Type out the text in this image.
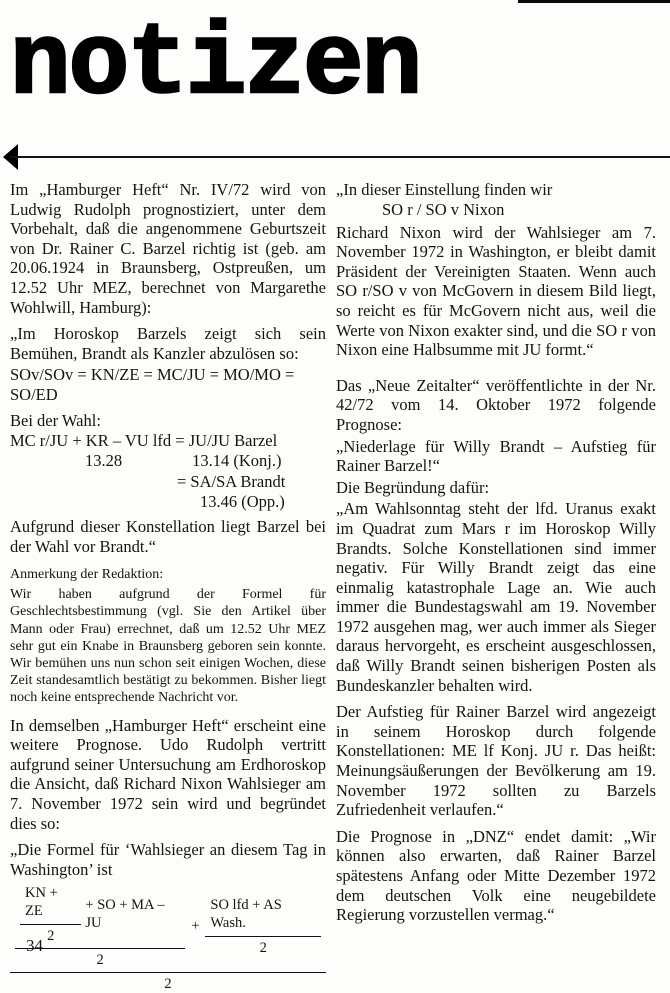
notizen

Im „Hamburger Heft“ Nr. IV/72 wird von Ludwig Rudolph prognostiziert, unter dem Vorbehalt, daß die angenommene Geburtszeit von Dr. Rainer C. Barzel richtig ist (geb. am 20.06.1924 in Braunsberg, Ostpreußen, um 12.52 Uhr MEZ, berechnet von Margarethe Wohlwill, Hamburg):

„Im Horoskop Barzels zeigt sich sein Bemühen, Brandt als Kanzler abzulösen so:

SOv/SOv = KN/ZE = MC/JU = MO/MO = SO/ED

Bei der Wahl:

MC r/JU + KR – VU lfd = JU/JU Barzel
13.28	13.14 (Konj.)
= SA/SA Brandt
13.46 (Opp.)

Aufgrund dieser Konstellation liegt Barzel bei der Wahl vor Brandt.“

Anmerkung der Redaktion:

Wir haben aufgrund der Formel für Geschlechtsbestimmung (vgl. Sie den Artikel über Mann oder Frau) errechnet, daß um 12.52 Uhr MEZ sehr gut ein Knabe in Braunsberg geboren sein konnte. Wir bemühen uns nun schon seit einigen Wochen, diese Zeit standesamtlich bestätigt zu bekommen. Bisher liegt noch keine entsprechende Nachricht vor.

In demselben „Hamburger Heft“ erscheint eine weitere Prognose. Udo Rudolph vertritt aufgrund seiner Untersuchung am Erdhoroskop die Ansicht, daß Richard Nixon Wahlsieger am 7. November 1972 sein wird und begründet dies so:

„Die Formel für ‘Wahlsieger an diesem Tag in Washington’ ist

$\frac{KN + ZE}{2}$ + SO + MA – JU
2
+ $\frac{\text{SO lfd + AS Wash.}}{2}$
2

„In dieser Einstellung finden wir

SO r / SO v Nixon

Richard Nixon wird der Wahlsieger am 7. November 1972 in Washington, er bleibt damit Präsident der Vereinigten Staaten. Wenn auch SO r/SO v von McGovern in diesem Bild liegt, so reicht es für McGovern nicht aus, weil die Werte von Nixon exakter sind, und die SO r von Nixon eine Halbsumme mit JU formt.“

Das „Neue Zeitalter“ veröffentlichte in der Nr. 42/72 vom 14. Oktober 1972 folgende Prognose:

„Niederlage für Willy Brandt – Aufstieg für Rainer Barzel!“

Die Begründung dafür:

„Am Wahlsonntag steht der lfd. Uranus exakt im Quadrat zum Mars r im Horoskop Willy Brandts. Solche Konstellationen sind immer negativ. Für Willy Brandt zeigt das eine einmalig katastrophale Lage an. Wie auch immer die Bundestagswahl am 19. November 1972 ausgehen mag, wer auch immer als Sieger daraus hervorgeht, es erscheint ausgeschlossen, daß Willy Brandt seinen bisherigen Posten als Bundeskanzler behalten wird.

Der Aufstieg für Rainer Barzel wird angezeigt in seinem Horoskop durch folgende Konstellationen: ME lf Konj. JU r. Das heißt: Meinungsäußerungen der Bevölkerung am 19. November 1972 sollten zu Barzels Zufriedenheit verlaufen.“

Die Prognose in „DNZ“ endet damit: „Wir können also erwarten, daß Rainer Barzel spätestens Anfang oder Mitte Dezember 1972 dem deutschen Volk eine neugebildete Regierung vorzustellen vermag.“

34
